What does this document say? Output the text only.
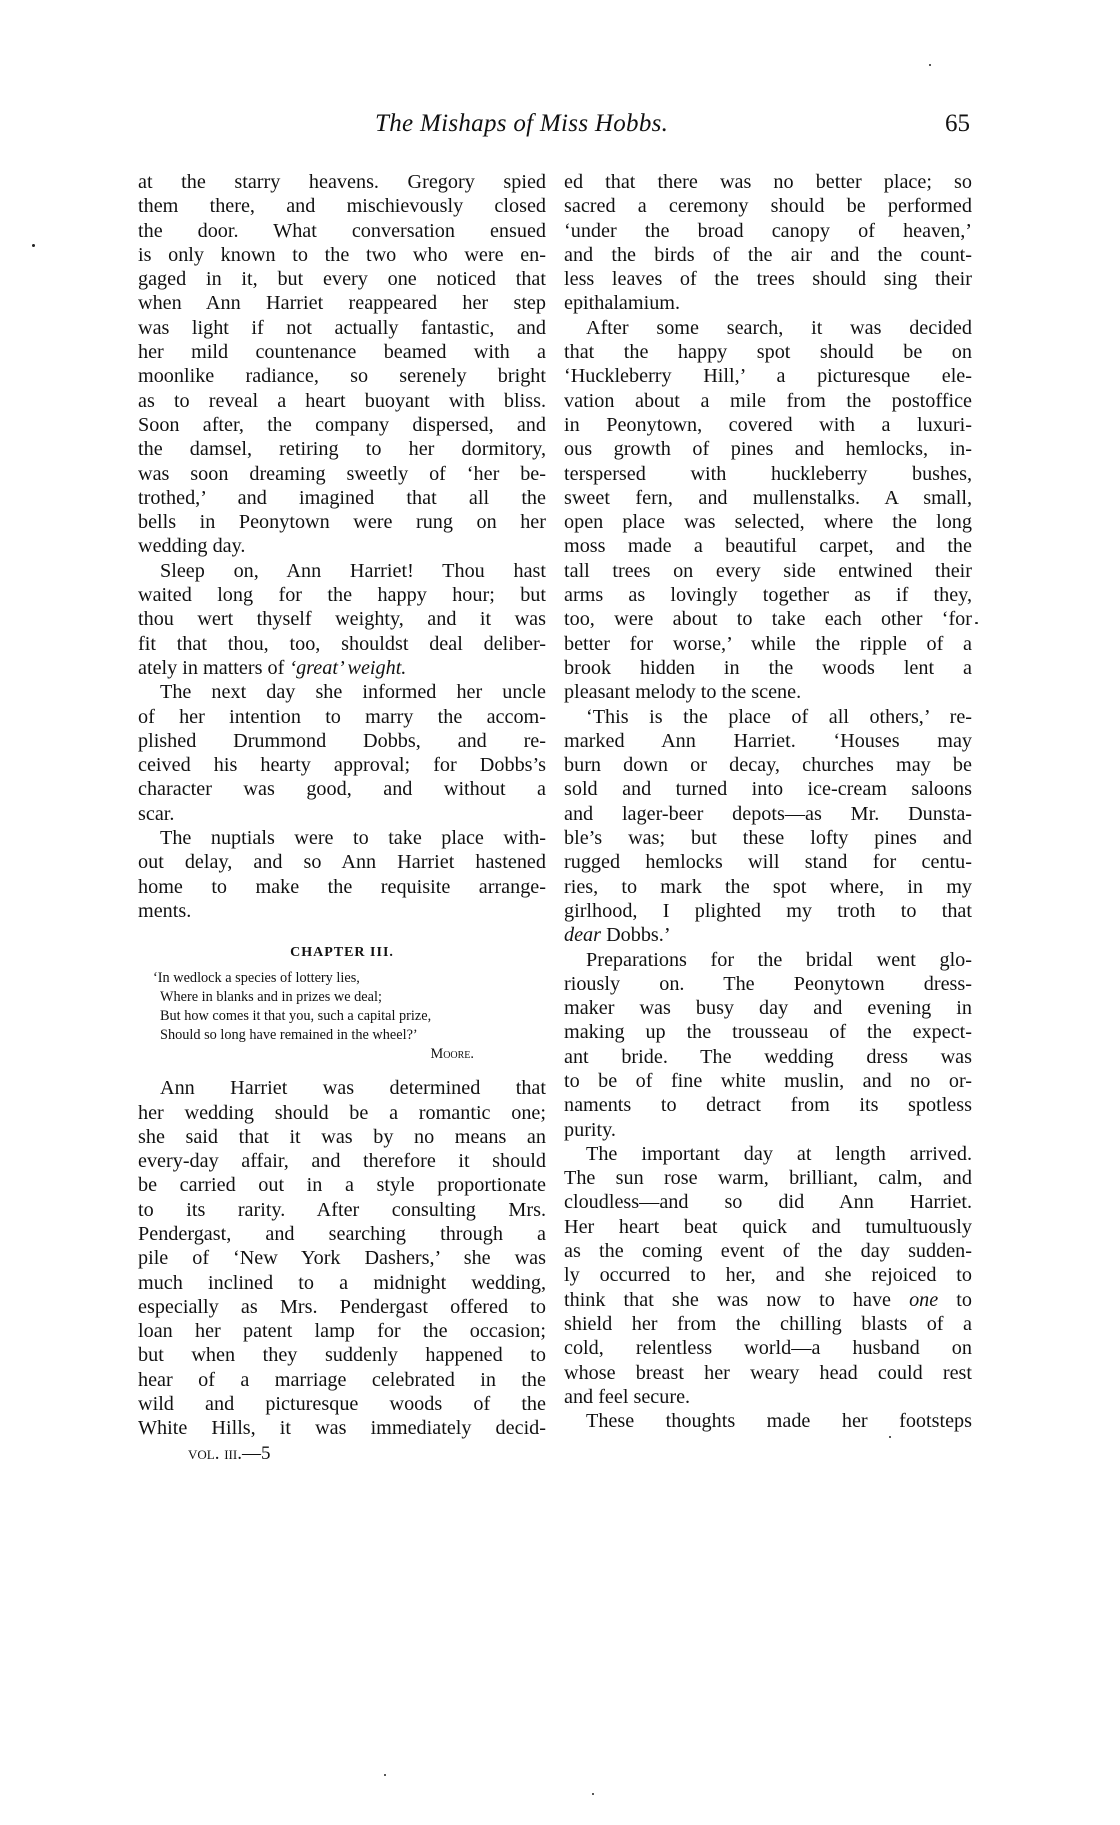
The Mishaps of Miss Hobbs.	65
at the starry heavens. Gregory spied
them there, and mischievously closed
the door. What conversation ensued
is only known to the two who were en-
gaged in it, but every one noticed that
when Ann Harriet reappeared her step
was light if not actually fantastic, and
her mild countenance beamed with a
moonlike radiance, so serenely bright
as to reveal a heart buoyant with bliss.
Soon after, the company dispersed, and
the damsel, retiring to her dormitory,
was soon dreaming sweetly of ‘her be-
trothed,’ and imagined that all the
bells in Peonytown were rung on her
wedding day.
Sleep on, Ann Harriet! Thou hast
waited long for the happy hour; but
thou wert thyself weighty, and it was
fit that thou, too, shouldst deal deliber-
ately in matters of ‘great’ weight.
The next day she informed her uncle
of her intention to marry the accom-
plished Drummond Dobbs, and re-
ceived his hearty approval; for Dobbs’s
character was good, and without a
scar.
The nuptials were to take place with-
out delay, and so Ann Harriet hastened
home to make the requisite arrange-
ments.
CHAPTER III.
‘In wedlock a species of lottery lies,
Where in blanks and in prizes we deal;
But how comes it that you, such a capital prize,
Should so long have remained in the wheel?’
Moore.
Ann Harriet was determined that
her wedding should be a romantic one;
she said that it was by no means an
every-day affair, and therefore it should
be carried out in a style proportionate
to its rarity. After consulting Mrs.
Pendergast, and searching through a
pile of ‘New York Dashers,’ she was
much inclined to a midnight wedding,
especially as Mrs. Pendergast offered to
loan her patent lamp for the occasion;
but when they suddenly happened to
hear of a marriage celebrated in the
wild and picturesque woods of the
White Hills, it was immediately decid-
vol. iii.—5
ed that there was no better place; so
sacred a ceremony should be performed
‘under the broad canopy of heaven,’
and the birds of the air and the count-
less leaves of the trees should sing their
epithalamium.
After some search, it was decided
that the happy spot should be on
‘Huckleberry Hill,’ a picturesque ele-
vation about a mile from the postoffice
in Peonytown, covered with a luxuri-
ous growth of pines and hemlocks, in-
terspersed with huckleberry bushes,
sweet fern, and mullenstalks. A small,
open place was selected, where the long
moss made a beautiful carpet, and the
tall trees on every side entwined their
arms as lovingly together as if they,
too, were about to take each other ‘for
better for worse,’ while the ripple of a
brook hidden in the woods lent a
pleasant melody to the scene.
‘This is the place of all others,’ re-
marked Ann Harriet. ‘Houses may
burn down or decay, churches may be
sold and turned into ice-cream saloons
and lager-beer depots—as Mr. Dunsta-
ble’s was; but these lofty pines and
rugged hemlocks will stand for centu-
ries, to mark the spot where, in my
girlhood, I plighted my troth to that
dear Dobbs.’
Preparations for the bridal went glo-
riously on. The Peonytown dress-
maker was busy day and evening in
making up the trousseau of the expect-
ant bride. The wedding dress was
to be of fine white muslin, and no or-
naments to detract from its spotless
purity.
The important day at length arrived.
The sun rose warm, brilliant, calm, and
cloudless—and so did Ann Harriet.
Her heart beat quick and tumultuously
as the coming event of the day sudden-
ly occurred to her, and she rejoiced to
think that she was now to have one to
shield her from the chilling blasts of a
cold, relentless world—a husband on
whose breast her weary head could rest
and feel secure.
These thoughts made her footsteps
